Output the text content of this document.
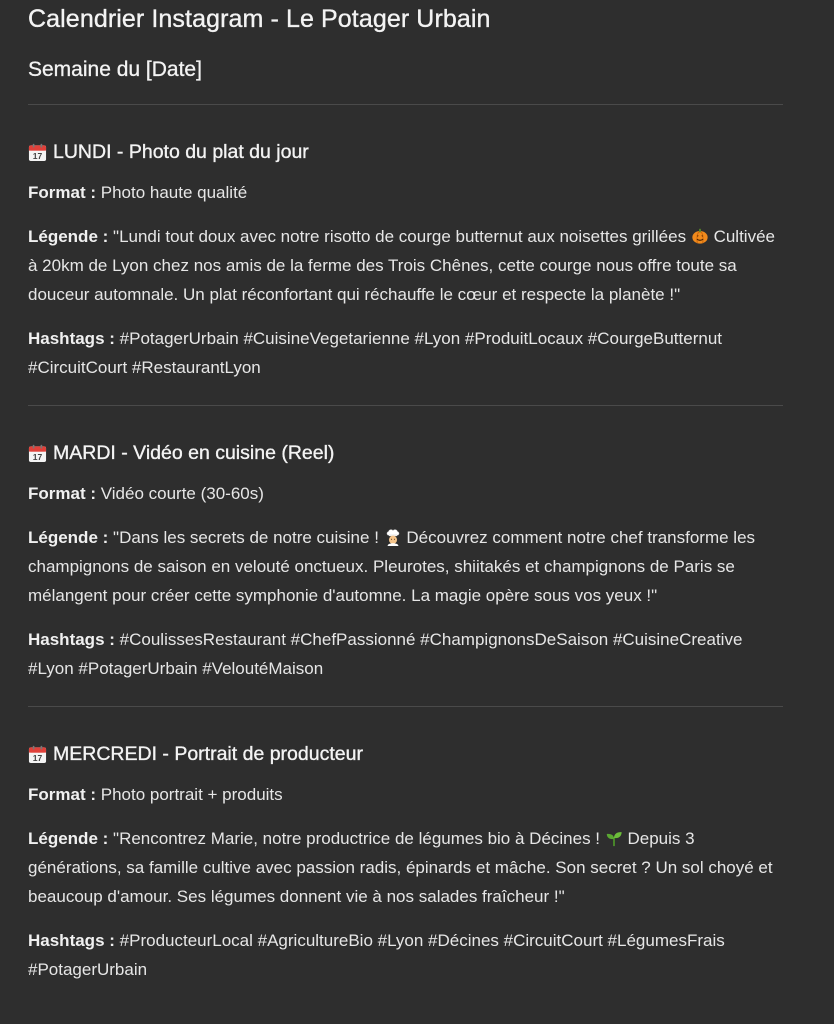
Calendrier Instagram - Le Potager Urbain
Semaine du [Date]
17 LUNDI - Photo du plat du jour

Format : Photo haute qualité

Légende : "Lundi tout doux avec notre risotto de courge butternut aux noisettes grillées Cultivée à 20km de Lyon chez nos amis de la ferme des Trois Chênes, cette courge nous offre toute sa douceur automnale. Un plat réconfortant qui réchauffe le cœur et respecte la planète !"

Hashtags : #PotagerUrbain #CuisineVegetarienne #Lyon #ProduitLocaux #CourgeButternut #CircuitCourt #RestaurantLyon

17 MARDI - Vidéo en cuisine (Reel)

Format : Vidéo courte (30-60s)

Légende : "Dans les secrets de notre cuisine ! Découvrez comment notre chef transforme les champignons de saison en velouté onctueux. Pleurotes, shiitakés et champignons de Paris se mélangent pour créer cette symphonie d'automne. La magie opère sous vos yeux !"

Hashtags : #CoulissesRestaurant #ChefPassionné #ChampignonsDeSaison #CuisineCreative #Lyon #PotagerUrbain #VeloutéMaison

17 MERCREDI - Portrait de producteur

Format : Photo portrait + produits

Légende : "Rencontrez Marie, notre productrice de légumes bio à Décines ! Depuis 3 générations, sa famille cultive avec passion radis, épinards et mâche. Son secret ? Un sol choyé et beaucoup d'amour. Ses légumes donnent vie à nos salades fraîcheur !"

Hashtags : #ProducteurLocal #AgricultureBio #Lyon #Décines #CircuitCourt #LégumesFrais #PotagerUrbain
